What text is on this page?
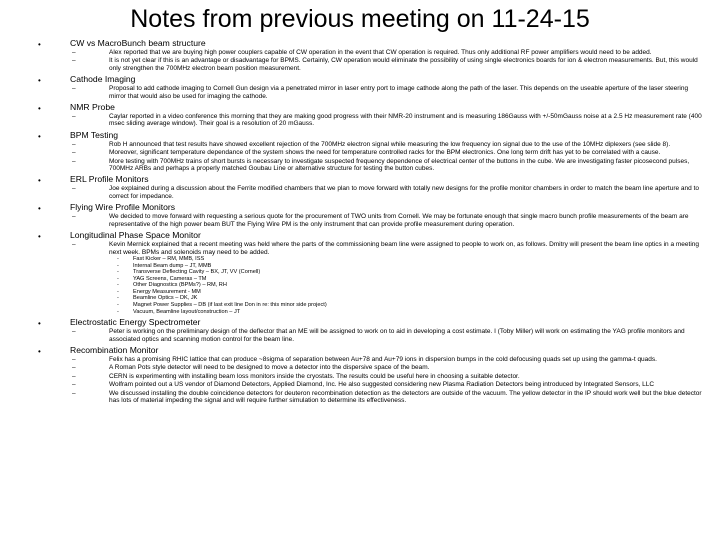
Notes from previous meeting on 11-24-15
•	CW vs MacroBunch beam structure
–	Alex reported that we are buying high power couplers capable of CW operation in the event that CW operation is required. Thus only additional RF power amplifiers would need to be added.
–	It is not yet clear if this is an advantage or disadvantage for BPMS. Certainly, CW operation would eliminate the possibility of using single electronics boards for ion & electron measurements. But, this would only strengthen the 700MHz electron beam position measurement.
•	Cathode Imaging
–	Proposal to add cathode imaging to Cornell Gun design via a penetrated mirror in laser entry port to image cathode along the path of the laser. This depends on the useable aperture of the laser steering mirror that would also be used for imaging the cathode.
•	NMR Probe
–	Caylar reported in a video conference this morning that they are making good progress with their NMR-20 instrument and is measuring 186Gauss with +/-50mGauss noise at a 2.5 Hz measurement rate (400 msec sliding average window). Their goal is a resolution of 20 mGauss.
•	BPM Testing
–	Rob H announced that test results have showed excellent rejection of the 700MHz electron signal while measuring the low frequency ion signal due to the use of the 10MHz diplexers (see slide 8).
–	Moreover, significant temperature dependance of the system shows the need for temperature controlled racks for the BPM electronics. One long term drift has yet to be correlated with a cause.
–	More testing with 700MHz trains of short bursts is necessary to investigate suspected frequency dependence of electrical center of the buttons in the cube. We are investigating faster picosecond pulses, 700MHz ARBs and perhaps a properly matched Goubau Line or alternative structure for testing the button cubes.
•	ERL Profile Monitors
–	Joe explained during a discussion about the Ferrite modified chambers that we plan to move forward with totally new designs for the profile monitor chambers in order to match the beam line aperture and to correct for impedance.
•	Flying Wire Profile Monitors
–	We decided to move forward with requesting a serious quote for the procurement of TWO units from Cornell. We may be fortunate enough that single macro bunch profile measurements of the beam are representative of the high power beam BUT the Flying Wire PM is the only instrument that can provide profile measurement during operation.
•	Longitudinal Phase Space Monitor
–	Kevin Mernick explained that a recent meeting was held where the parts of the commissioning beam line were assigned to people to work on, as follows. Dmitry will present the beam line optics in a meeting next week. BPMs and solenoids may need to be added.
-	Fast Kicker – RM, MMB, ISS
-	Internal Beam dump – JT, MMB
-	Transverse Deflecting Cavity – BX, JT, VV (Cornell)
-	YAG Screens, Cameras – TM
-	Other Diagnostics (BPMs?) – RM, RH
-	Energy Measurement - MM
-	Beamline Optics – DK, JK
-	Magnet Power Supplies – DB (if last exit line Don in re: this minor side project)
-	Vacuum, Beamline layout/construction – JT
•	Electrostatic Energy Spectrometer
–	Peter is working on the preliminary design of the deflector that an ME will be assigned to work on to aid in developing a cost estimate. I (Toby Miller) will work on estimating the YAG profile monitors and associated optics and scanning motion control for the beam line.
•	Recombination Monitor
–	Felix has a promising RHIC lattice that can produce ~8sigma of separation between Au+78 and Au+79 ions in dispersion bumps in the cold defocusing quads set up using the gamma-t quads.
–	A Roman Pots style detector will need to be designed to move a detector into the dispersive space of the beam.
–	CERN is experimenting with installing beam loss monitors inside the cryostats. The results could be useful here in choosing a suitable detector.
–	Wolfram pointed out a US vendor of Diamond Detectors, Applied Diamond, Inc. He also suggested considering new Plasma Radiation Detectors being introduced by Integrated Sensors, LLC
–	We discussed installing the double coincidence detectors for deuteron recombination detection as the detectors are outside of the vacuum. The yellow detector in the IP should work well but the blue detector has lots of material impeding the signal and will require further simulation to determine its effectiveness.
